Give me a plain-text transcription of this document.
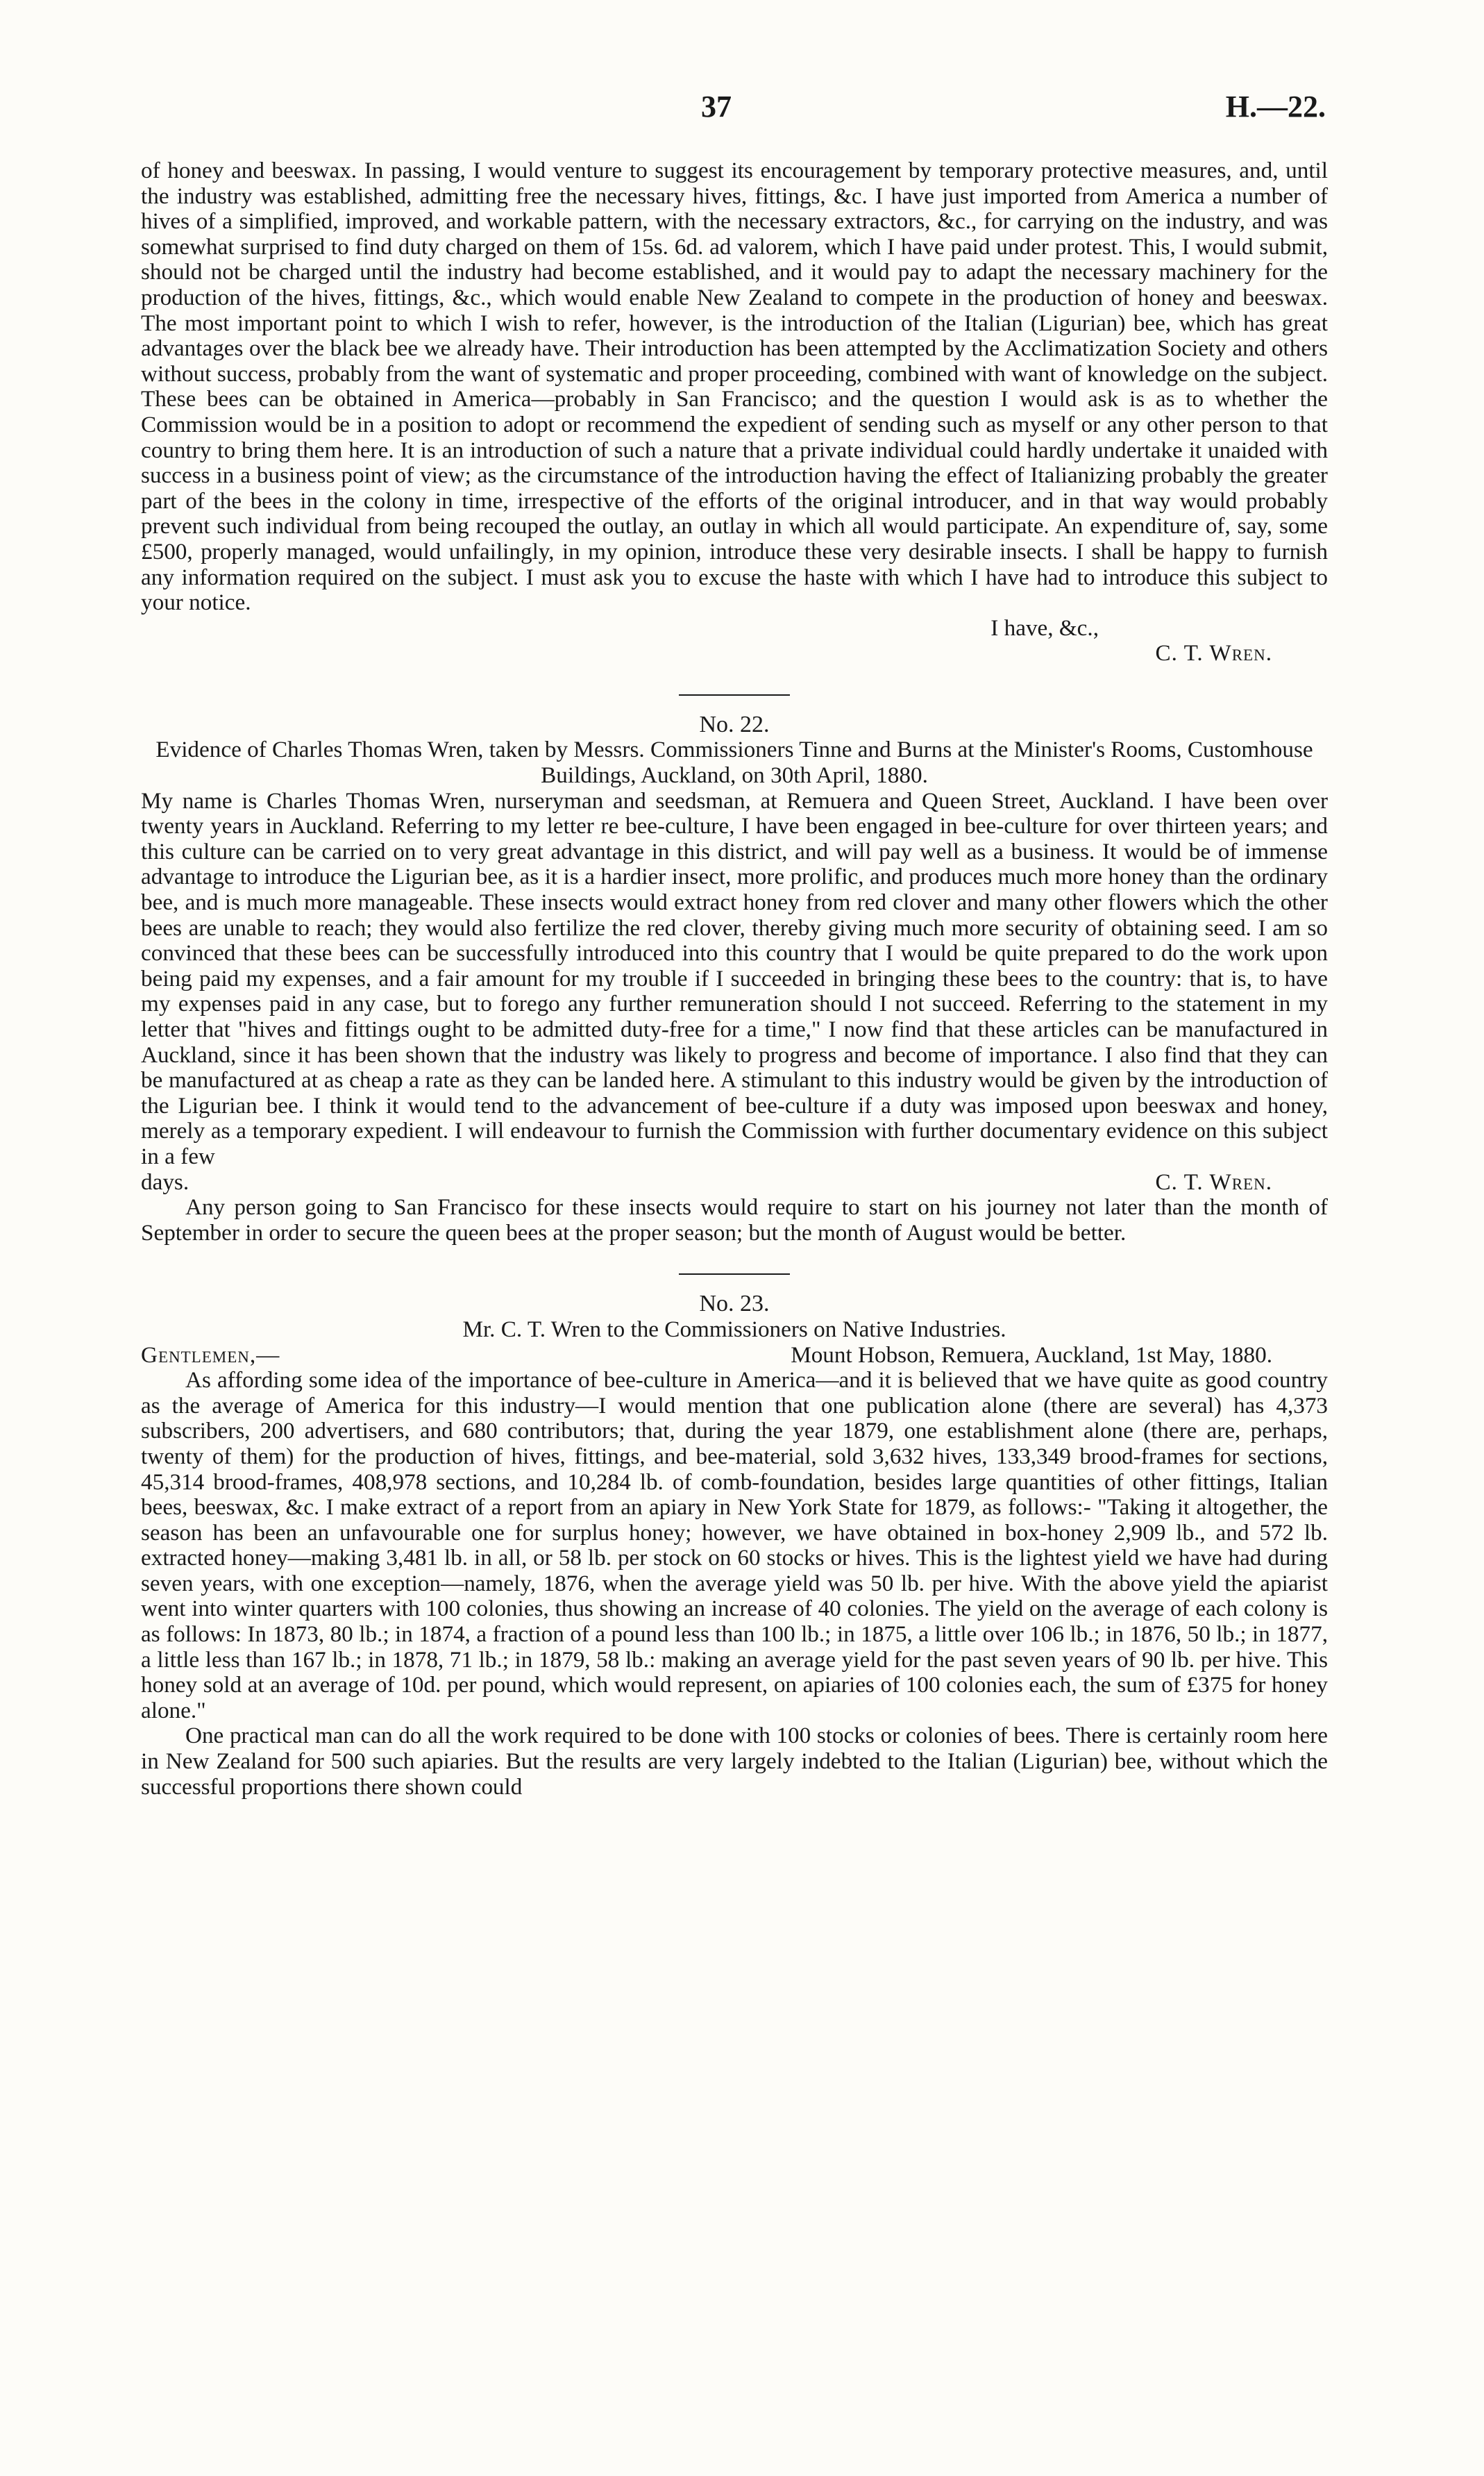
37	H.—22.

of honey and beeswax. In passing, I would venture to suggest its encouragement by temporary protective measures, and, until the industry was established, admitting free the necessary hives, fittings, &c. I have just imported from America a number of hives of a simplified, improved, and workable pattern, with the necessary extractors, &c., for carrying on the industry, and was somewhat surprised to find duty charged on them of 15s. 6d. ad valorem, which I have paid under protest. This, I would submit, should not be charged until the industry had become established, and it would pay to adapt the necessary machinery for the production of the hives, fittings, &c., which would enable New Zealand to compete in the production of honey and beeswax. The most important point to which I wish to refer, however, is the introduction of the Italian (Ligurian) bee, which has great advantages over the black bee we already have. Their introduction has been attempted by the Acclimatization Society and others without success, probably from the want of systematic and proper proceeding, combined with want of knowledge on the subject. These bees can be obtained in America—probably in San Francisco; and the question I would ask is as to whether the Commission would be in a position to adopt or recommend the expedient of sending such as myself or any other person to that country to bring them here. It is an introduction of such a nature that a private individual could hardly undertake it unaided with success in a business point of view; as the circumstance of the introduction having the effect of Italianizing probably the greater part of the bees in the colony in time, irrespective of the efforts of the original introducer, and in that way would probably prevent such individual from being recouped the outlay, an outlay in which all would participate. An expenditure of, say, some £500, properly managed, would unfailingly, in my opinion, introduce these very desirable insects. I shall be happy to furnish any information required on the subject. I must ask you to excuse the haste with which I have had to introduce this subject to your notice.

I have, &c.,

C. T. Wren.

No. 22.

Evidence of Charles Thomas Wren, taken by Messrs. Commissioners Tinne and Burns at the Minister's Rooms, Customhouse Buildings, Auckland, on 30th April, 1880.

My name is Charles Thomas Wren, nurseryman and seedsman, at Remuera and Queen Street, Auckland. I have been over twenty years in Auckland. Referring to my letter re bee-culture, I have been engaged in bee-culture for over thirteen years; and this culture can be carried on to very great advantage in this district, and will pay well as a business. It would be of immense advantage to introduce the Ligurian bee, as it is a hardier insect, more prolific, and produces much more honey than the ordinary bee, and is much more manageable. These insects would extract honey from red clover and many other flowers which the other bees are unable to reach; they would also fertilize the red clover, thereby giving much more security of obtaining seed. I am so convinced that these bees can be successfully introduced into this country that I would be quite prepared to do the work upon being paid my expenses, and a fair amount for my trouble if I succeeded in bringing these bees to the country: that is, to have my expenses paid in any case, but to forego any further remuneration should I not succeed. Referring to the statement in my letter that "hives and fittings ought to be admitted duty-free for a time," I now find that these articles can be manufactured in Auckland, since it has been shown that the industry was likely to progress and become of importance. I also find that they can be manufactured at as cheap a rate as they can be landed here. A stimulant to this industry would be given by the introduction of the Ligurian bee. I think it would tend to the advancement of bee-culture if a duty was imposed upon beeswax and honey, merely as a temporary expedient. I will endeavour to furnish the Commission with further documentary evidence on this subject in a few

days.	C. T. Wren.

Any person going to San Francisco for these insects would require to start on his journey not later than the month of September in order to secure the queen bees at the proper season; but the month of August would be better.

No. 23.

Mr. C. T. Wren to the Commissioners on Native Industries.

Gentlemen,—	Mount Hobson, Remuera, Auckland, 1st May, 1880.

As affording some idea of the importance of bee-culture in America—and it is believed that we have quite as good country as the average of America for this industry—I would mention that one publication alone (there are several) has 4,373 subscribers, 200 advertisers, and 680 contributors; that, during the year 1879, one establishment alone (there are, perhaps, twenty of them) for the production of hives, fittings, and bee-material, sold 3,632 hives, 133,349 brood-frames for sections, 45,314 brood-frames, 408,978 sections, and 10,284 lb. of comb-foundation, besides large quantities of other fittings, Italian bees, beeswax, &c. I make extract of a report from an apiary in New York State for 1879, as follows:- "Taking it altogether, the season has been an unfavourable one for surplus honey; however, we have obtained in box-honey 2,909 lb., and 572 lb. extracted honey—making 3,481 lb. in all, or 58 lb. per stock on 60 stocks or hives. This is the lightest yield we have had during seven years, with one exception—namely, 1876, when the average yield was 50 lb. per hive. With the above yield the apiarist went into winter quarters with 100 colonies, thus showing an increase of 40 colonies. The yield on the average of each colony is as follows: In 1873, 80 lb.; in 1874, a fraction of a pound less than 100 lb.; in 1875, a little over 106 lb.; in 1876, 50 lb.; in 1877, a little less than 167 lb.; in 1878, 71 lb.; in 1879, 58 lb.: making an average yield for the past seven years of 90 lb. per hive. This honey sold at an average of 10d. per pound, which would represent, on apiaries of 100 colonies each, the sum of £375 for honey alone."

One practical man can do all the work required to be done with 100 stocks or colonies of bees. There is certainly room here in New Zealand for 500 such apiaries. But the results are very largely indebted to the Italian (Ligurian) bee, without which the successful proportions there shown could
